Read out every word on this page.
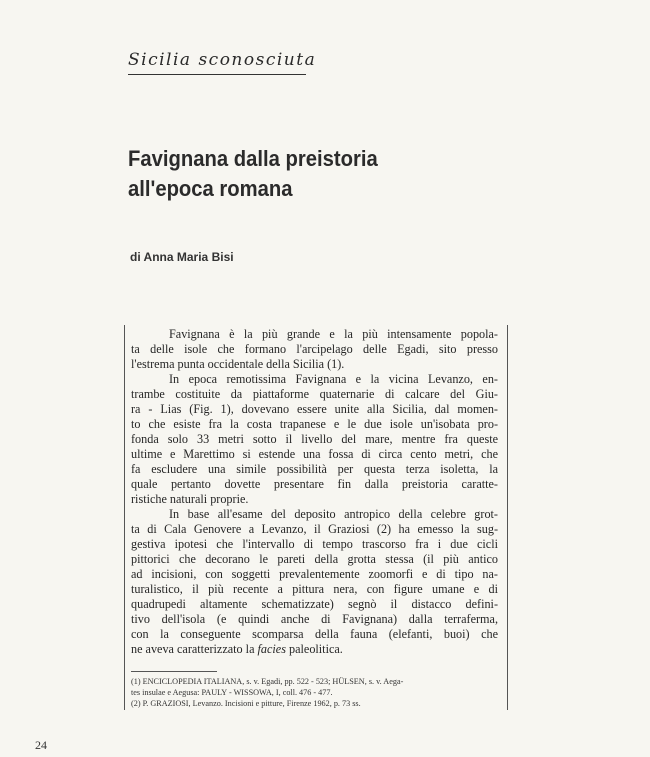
Sicilia sconosciuta
Favignana dalla preistoria
all'epoca romana
di Anna Maria Bisi
Favignana è la più grande e la più intensamente popola-
ta delle isole che formano l'arcipelago delle Egadi, sito presso
l'estrema punta occidentale della Sicilia (1).
In epoca remotissima Favignana e la vicina Levanzo, en-
trambe costituite da piattaforme quaternarie di calcare del Giu-
ra - Lias (Fig. 1), dovevano essere unite alla Sicilia, dal momen-
to che esiste fra la costa trapanese e le due isole un'isobata pro-
fonda solo 33 metri sotto il livello del mare, mentre fra queste
ultime e Marettimo si estende una fossa di circa cento metri, che
fa escludere una simile possibilità per questa terza isoletta, la
quale pertanto dovette presentare fin dalla preistoria caratte-
ristiche naturali proprie.
In base all'esame del deposito antropico della celebre grot-
ta di Cala Genovere a Levanzo, il Graziosi (2) ha emesso la sug-
gestiva ipotesi che l'intervallo di tempo trascorso fra i due cicli
pittorici che decorano le pareti della grotta stessa (il più antico
ad incisioni, con soggetti prevalentemente zoomorfi e di tipo na-
turalistico, il più recente a pittura nera, con figure umane e di
quadrupedi altamente schematizzate) segnò il distacco defini-
tivo dell'isola (e quindi anche di Favignana) dalla terraferma,
con la conseguente scomparsa della fauna (elefanti, buoi) che
ne aveva caratterizzato la facies paleolitica.
(1) ENCICLOPEDIA ITALIANA, s. v. Egadi, pp. 522 - 523; HÜLSEN, s. v. Aega-
tes insulae e Aegusa: PAULY - WISSOWA, I, coll. 476 - 477.
(2) P. GRAZIOSI, Levanzo. Incisioni e pitture, Firenze 1962, p. 73 ss.
24
